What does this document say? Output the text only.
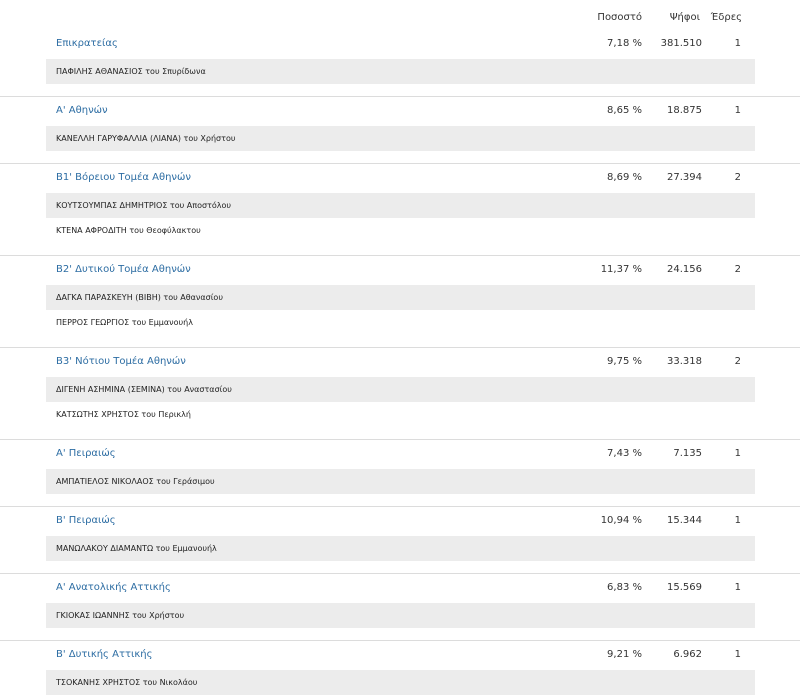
Ποσοστό	Ψήφοι Έδρες
Επικρατείας	7,18 % 381.510	1
ΠΑΦΙΛΗΣ ΑΘΑΝΑΣΙΟΣ του Σπυρίδωνα
Α' Αθηνών	8,65 %	18.875	1
ΚΑΝΕΛΛΗ ΓΑΡΥΦΑΛΛΙΑ (ΛΙΑΝΑ) του Χρήστου
Β1' Βόρειου Τομέα Αθηνών	8,69 %	27.394	2
ΚΟΥΤΣΟΥΜΠΑΣ ΔΗΜΗΤΡΙΟΣ του Αποστόλου
ΚΤΕΝΑ ΑΦΡΟΔΙΤΗ του Θεοφύλακτου
Β2' Δυτικού Τομέα Αθηνών	11,37 %	24.156	2
ΔΑΓΚΑ ΠΑΡΑΣΚΕΥΗ (ΒΙΒΗ) του Αθανασίου
ΠΕΡΡΟΣ ΓΕΩΡΓΙΟΣ του Εμμανουήλ
Β3' Νότιου Τομέα Αθηνών	9,75 %	33.318	2
ΔΙΓΕΝΗ ΑΣΗΜΙΝΑ (ΣΕΜΙΝΑ) του Αναστασίου
ΚΑΤΣΩΤΗΣ ΧΡΗΣΤΟΣ του Περικλή
Α' Πειραιώς	7,43 %	7.135	1
ΑΜΠΑΤΙΕΛΟΣ ΝΙΚΟΛΑΟΣ του Γεράσιμου
Β' Πειραιώς	10,94 %	15.344	1
ΜΑΝΩΛΑΚΟΥ ΔΙΑΜΑΝΤΩ του Εμμανουήλ
Α' Ανατολικής Αττικής	6,83 %	15.569	1
ΓΚΙΟΚΑΣ ΙΩΑΝΝΗΣ του Χρήστου
Β' Δυτικής Αττικής	9,21 %	6.962	1
ΤΣΟΚΑΝΗΣ ΧΡΗΣΤΟΣ του Νικολάου
